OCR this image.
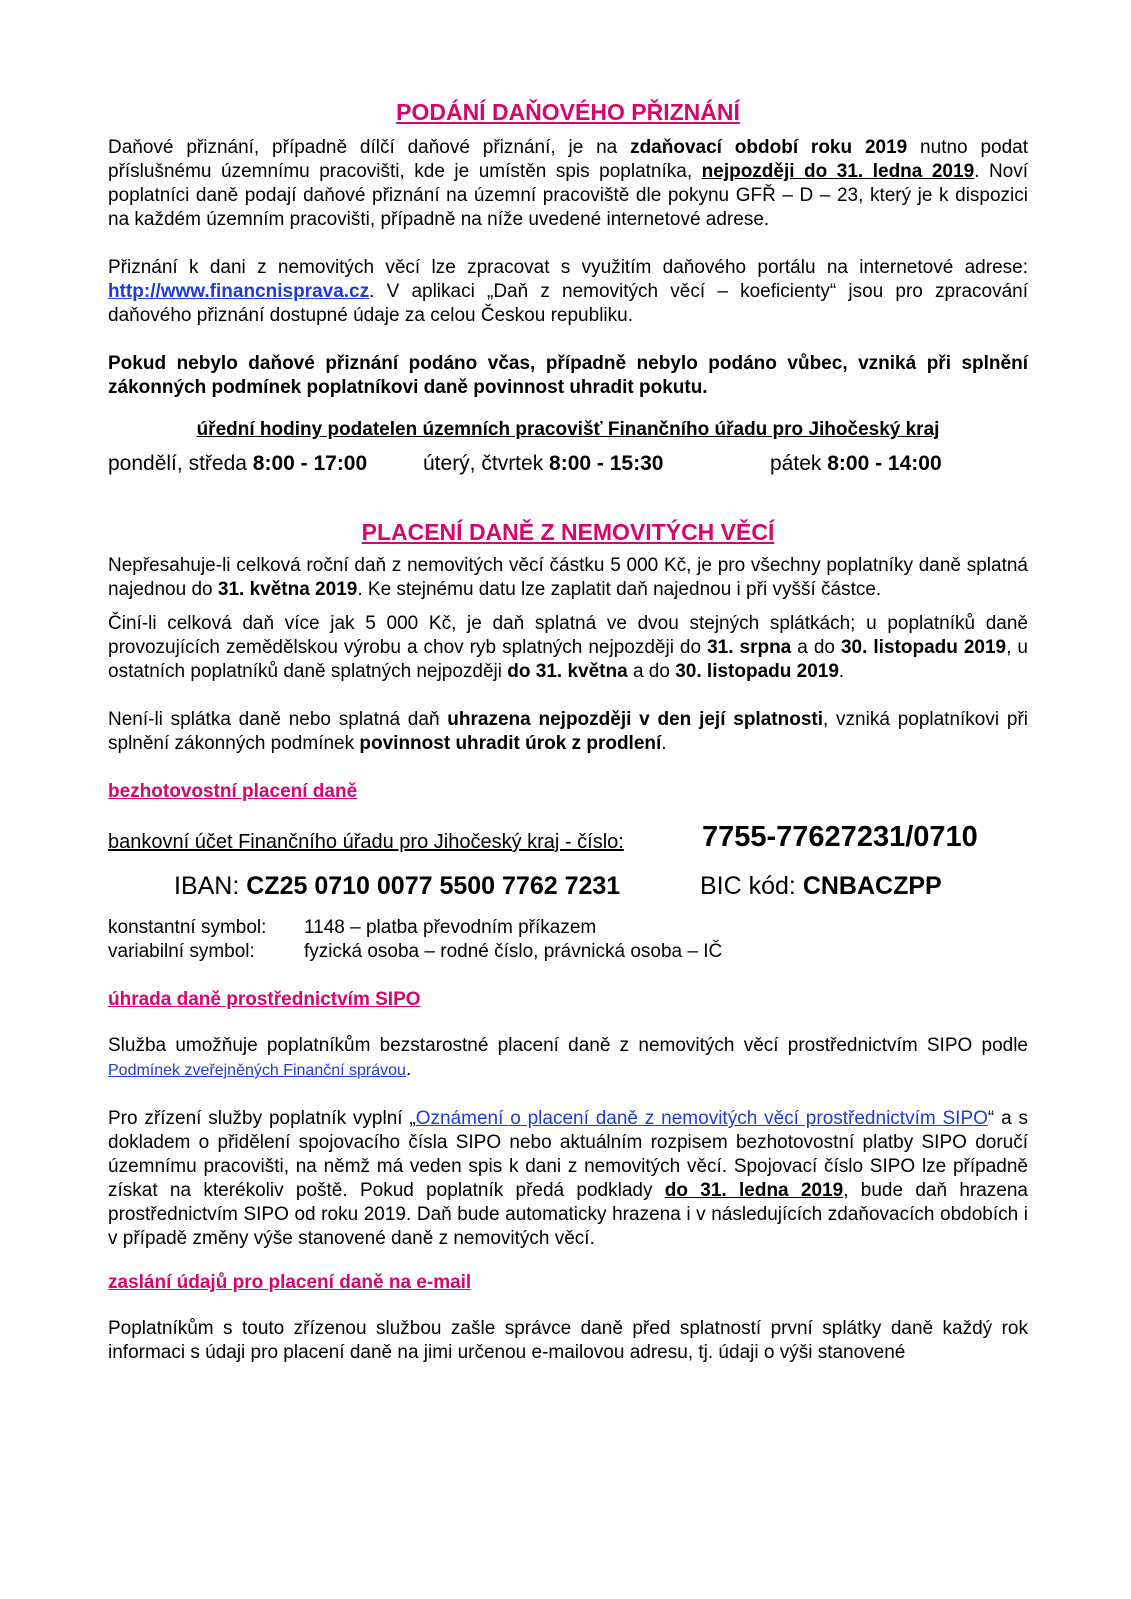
PODÁNÍ DAŇOVÉHO PŘIZNÁNÍ

Daňové přiznání, případně dílčí daňové přiznání, je na zdaňovací období roku 2019 nutno podat příslušnému územnímu pracovišti, kde je umístěn spis poplatníka, nejpozději do 31. ledna 2019. Noví poplatníci daně podají daňové přiznání na územní pracoviště dle pokynu GFŘ – D – 23, který je k dispozici na každém územním pracovišti, případně na níže uvedené internetové adrese.

Přiznání k dani z nemovitých věcí lze zpracovat s využitím daňového portálu na internetové adrese: http://www.financnisprava.cz. V aplikaci „Daň z nemovitých věcí – koeficienty“ jsou pro zpracování daňového přiznání dostupné údaje za celou Českou republiku.

Pokud nebylo daňové přiznání podáno včas, případně nebylo podáno vůbec, vzniká při splnění zákonných podmínek poplatníkovi daně povinnost uhradit pokutu.

úřední hodiny podatelen územních pracovišť Finančního úřadu pro Jihočeský kraj

pondělí, středa 8:00 - 17:00	úterý, čtvrtek 8:00 - 15:30	pátek 8:00 - 14:00
PLACENÍ DANĚ Z NEMOVITÝCH VĚCÍ

Nepřesahuje-li celková roční daň z nemovitých věcí částku 5 000 Kč, je pro všechny poplatníky daně splatná najednou do 31. května 2019. Ke stejnému datu lze zaplatit daň najednou i při vyšší částce.

Činí-li celková daň více jak 5 000 Kč, je daň splatná ve dvou stejných splátkách; u poplatníků daně provozujících zemědělskou výrobu a chov ryb splatných nejpozději do 31. srpna a do 30. listopadu 2019, u ostatních poplatníků daně splatných nejpozději do 31. května a do 30. listopadu 2019.

Není-li splátka daně nebo splatná daň uhrazena nejpozději v den její splatnosti, vzniká poplatníkovi při splnění zákonných podmínek povinnost uhradit úrok z prodlení.

bezhotovostní placení daně

bankovní účet Finančního úřadu pro Jihočeský kraj - číslo:	7755-77627231/0710
IBAN: CZ25 0710 0077 5500 7762 7231	BIC kód: CNBACZPP
konstantní symbol: 1148 – platba převodním příkazem
variabilní symbol:	fyzická osoba – rodné číslo, právnická osoba – IČ

úhrada daně prostřednictvím SIPO

Služba umožňuje poplatníkům bezstarostné placení daně z nemovitých věcí prostřednictvím SIPO podle Podmínek zveřejněných Finanční správou.

Pro zřízení služby poplatník vyplní „Oznámení o placení daně z nemovitých věcí prostřednictvím SIPO“ a s dokladem o přidělení spojovacího čísla SIPO nebo aktuálním rozpisem bezhotovostní platby SIPO doručí územnímu pracovišti, na němž má veden spis k dani z nemovitých věcí. Spojovací číslo SIPO lze případně získat na kterékoliv poště. Pokud poplatník předá podklady do 31. ledna 2019, bude daň hrazena prostřednictvím SIPO od roku 2019. Daň bude automaticky hrazena i v následujících zdaňovacích obdobích i v případě změny výše stanovené daně z nemovitých věcí.

zaslání údajů pro placení daně na e-mail

Poplatníkům s touto zřízenou službou zašle správce daně před splatností první splátky daně každý rok informaci s údaji pro placení daně na jimi určenou e-mailovou adresu, tj. údaji o výši stanovené
